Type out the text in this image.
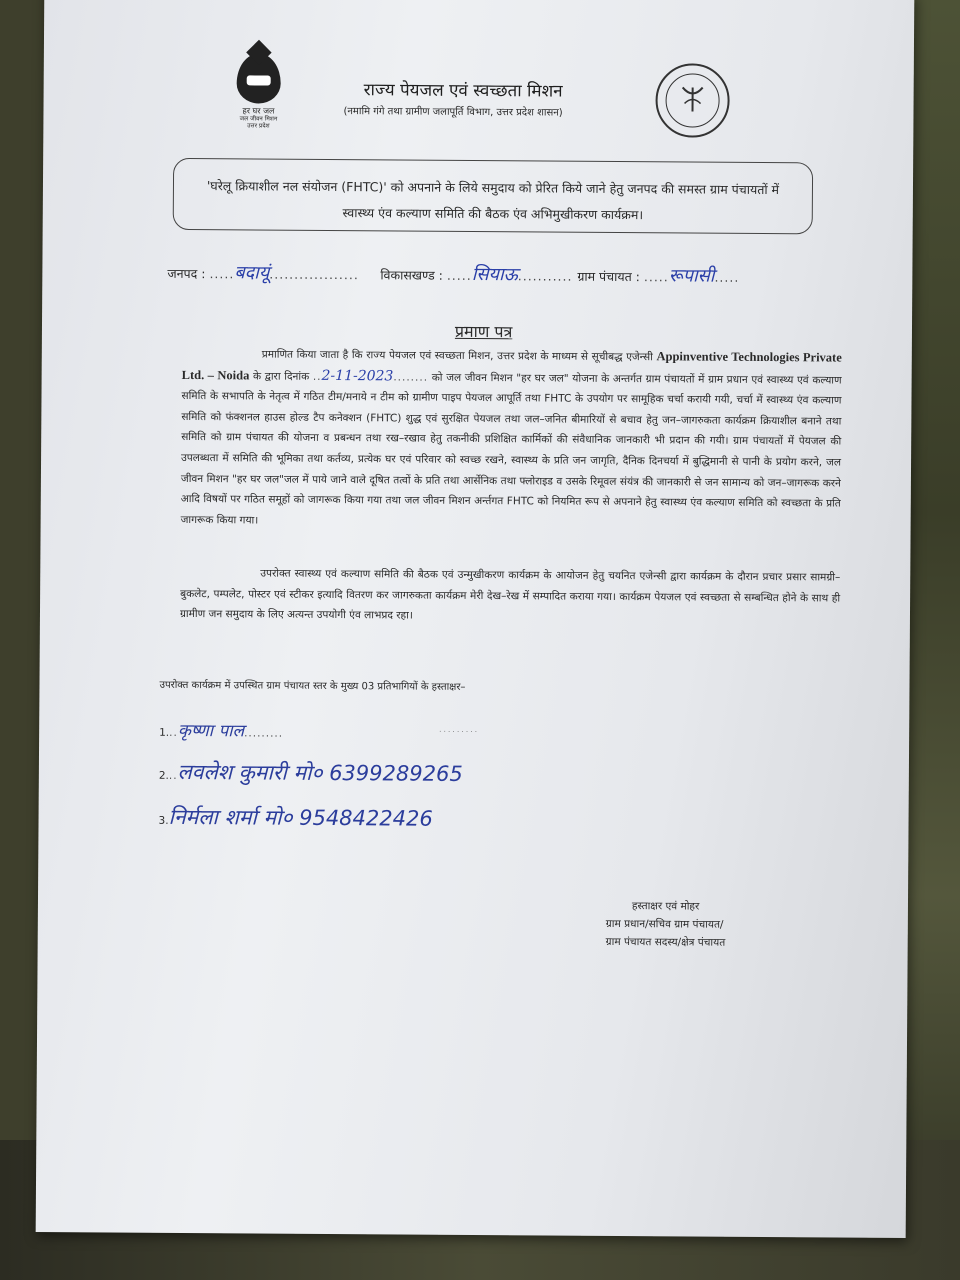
हर घर जल
जल जीवन मिशन
उत्तर प्रदेश
राज्य पेयजल एवं स्वच्छता मिशन
(नमामि गंगे तथा ग्रामीण जलापूर्ति विभाग, उत्तर प्रदेश शासन)
'घरेलू क्रियाशील नल संयोजन (FHTC)' को अपनाने के लिये समुदाय को प्रेरित किये जाने हेतु जनपद की समस्त ग्राम पंचायतों में स्वास्थ्य एंव कल्याण समिति की बैठक एंव अभिमुखीकरण कार्यक्रम।
जनपद : .....बदायूं.................. विकासखण्ड : .....सियाऊ........... ग्राम पंचायत : .....रूपासी.....
प्रमाण पत्र
प्रमाणित किया जाता है कि राज्य पेयजल एवं स्वच्छता मिशन, उत्तर प्रदेश के माध्यम से सूचीबद्ध एजेन्सी Appinventive Technologies Private Ltd. – Noida के द्वारा दिनांक ..2-11-2023........ को जल जीवन मिशन "हर घर जल" योजना के अन्तर्गत ग्राम पंचायतों में ग्राम प्रधान एवं स्वास्थ्य एवं कल्याण समिति के सभापति के नेतृत्व में गठित टीम/मनाये न टीम को ग्रामीण पाइप पेयजल आपूर्ति तथा FHTC के उपयोग पर सामूहिक चर्चा करायी गयी, चर्चा में स्वास्थ्य एंव कल्याण समिति को फंक्शनल हाउस होल्ड टैप कनेक्शन (FHTC) शुद्ध एवं सुरक्षित पेयजल तथा जल–जनित बीमारियों से बचाव हेतु जन–जागरुकता कार्यक्रम क्रियाशील बनाने तथा समिति को ग्राम पंचायत की योजना व प्रबन्धन तथा रख–रखाव हेतु तकनीकी प्रशिक्षित कार्मिकों की संवैधानिक जानकारी भी प्रदान की गयी। ग्राम पंचायतों में पेयजल की उपलब्धता में समिति की भूमिका तथा कर्तव्य, प्रत्येक घर एवं परिवार को स्वच्छ रखने, स्वास्थ्य के प्रति जन जागृति, दैनिक दिनचर्या में बुद्धिमानी से पानी के प्रयोग करने, जल जीवन मिशन "हर घर जल"जल में पाये जाने वाले दूषित तत्वों के प्रति तथा आर्सेनिक तथा फ्लोराइड व उसके रिमूवल संयंत्र की जानकारी से जन सामान्य को जन–जागरूक करने आदि विषयों पर गठित समूहों को जागरूक किया गया तथा जल जीवन मिशन अर्न्तगत FHTC को नियमित रूप से अपनाने हेतु स्वास्थ्य एंव कल्याण समिति को स्वच्छता के प्रति जागरूक किया गया।
उपरोक्त स्वास्थ्य एवं कल्याण समिति की बैठक एवं उन्मुखीकरण कार्यक्रम के आयोजन हेतु चयनित एजेन्सी द्वारा कार्यक्रम के दौरान प्रचार प्रसार सामग्री–बुकलेट, पम्पलेट, पोस्टर एवं स्टीकर इत्यादि वितरण कर जागरुकता कार्यक्रम मेरी देख–रेख में सम्पादित कराया गया। कार्यक्रम पेयजल एवं स्वच्छता से सम्बन्धित होने के साथ ही ग्रामीण जन समुदाय के लिए अत्यन्त उपयोगी एंव लाभप्रद रहा।
उपरोक्त कार्यक्रम में उपस्थित ग्राम पंचायत स्तर के मुख्य 03 प्रतिभागियों के हस्ताक्षर–
1...कृष्णा पाल.........	· · · · · · · · ·
2...लवलेश कुमारी मो० 6399289265
3.निर्मला शर्मा मो० 9548422426
हस्ताक्षर एवं मोहर
ग्राम प्रधान/सचिव ग्राम पंचायत/
ग्राम पंचायत सदस्य/क्षेत्र पंचायत
